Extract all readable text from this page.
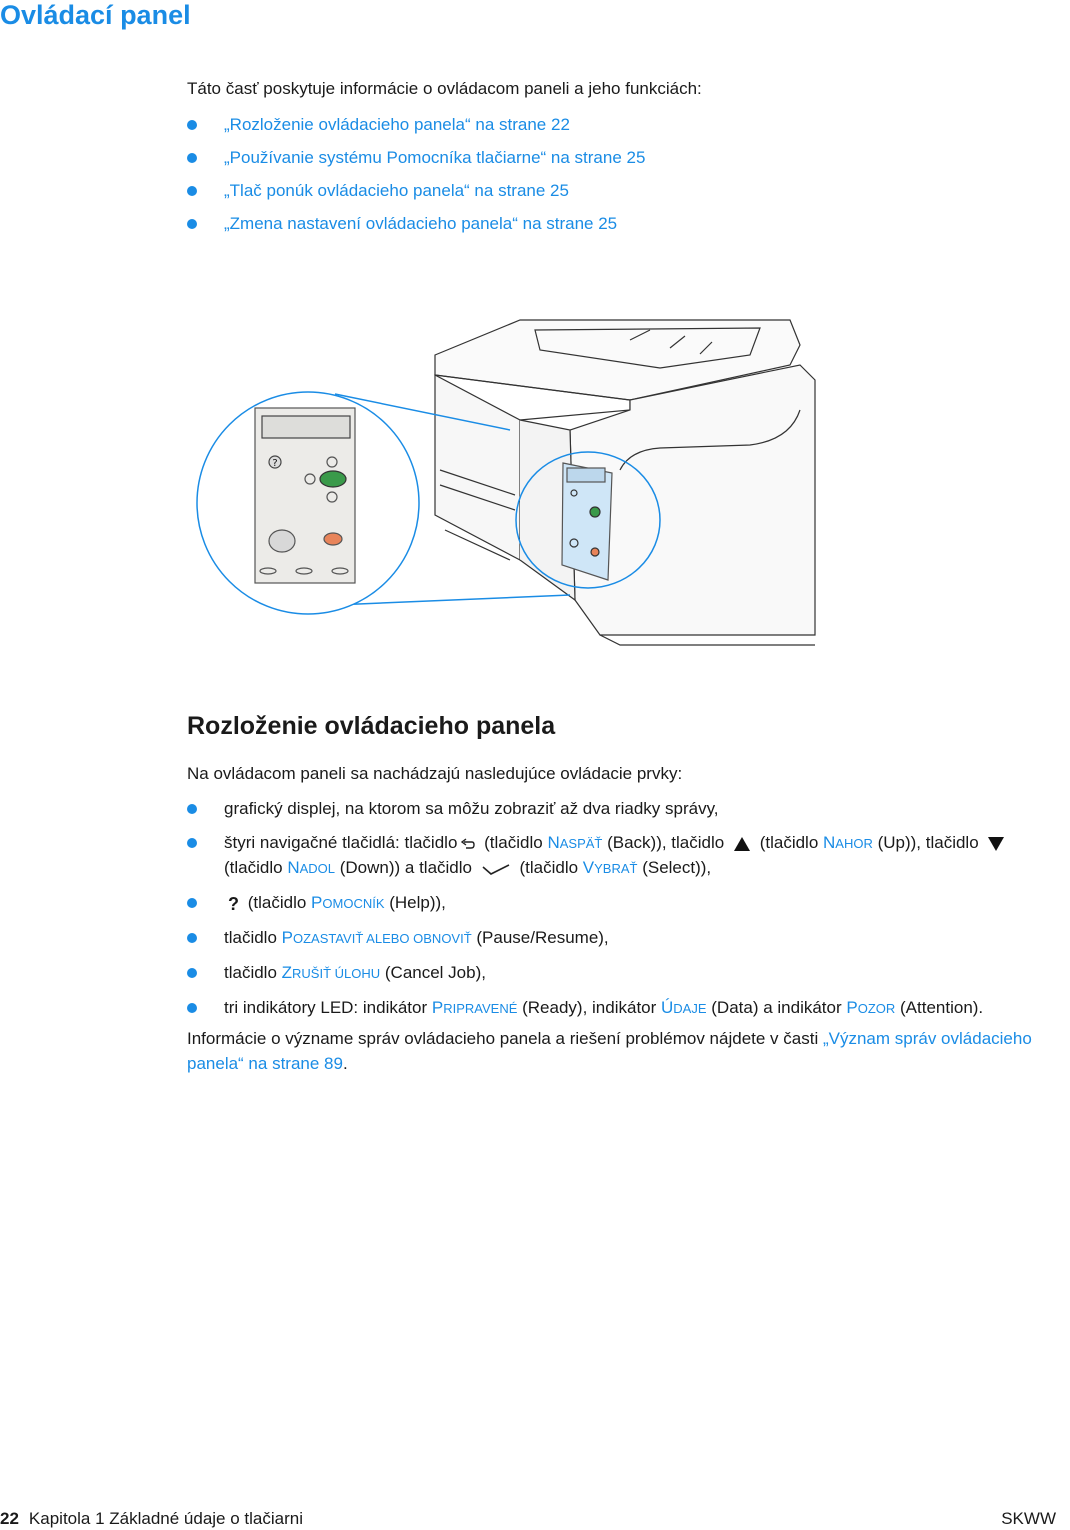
Ovládací panel

Táto časť poskytuje informácie o ovládacom paneli a jeho funkciách:

„Rozloženie ovládacieho panela“ na strane 22
„Používanie systému Pomocníka tlačiarne“ na strane 25
„Tlač ponúk ovládacieho panela“ na strane 25
„Zmena nastavení ovládacieho panela“ na strane 25
?
Rozloženie ovládacieho panela

Na ovládacom paneli sa nachádzajú nasledujúce ovládacie prvky:

grafický displej, na ktorom sa môžu zobraziť až dva riadky správy,
štyri navigačné tlačidlá: tlačidlo (tlačidlo NASPÄŤ (Back)), tlačidlo (tlačidlo NAHOR (Up)), tlačidlo  (tlačidlo NADOL (Down)) a tlačidlo	(tlačidlo VYBRAŤ (Select)),
? (tlačidlo POMOCNÍK (Help)),
tlačidlo POZASTAVIŤ ALEBO OBNOVIŤ (Pause/Resume),
tlačidlo ZRUŠIŤ ÚLOHU (Cancel Job),
tri indikátory LED: indikátor PRIPRAVENÉ (Ready), indikátor ÚDAJE (Data) a indikátor POZOR (Attention).

Informácie o význame správ ovládacieho panela a riešení problémov nájdete v časti „Význam správ ovládacieho panela“ na strane 89.

22 Kapitola 1 Základné údaje o tlačiarni	SKWW
